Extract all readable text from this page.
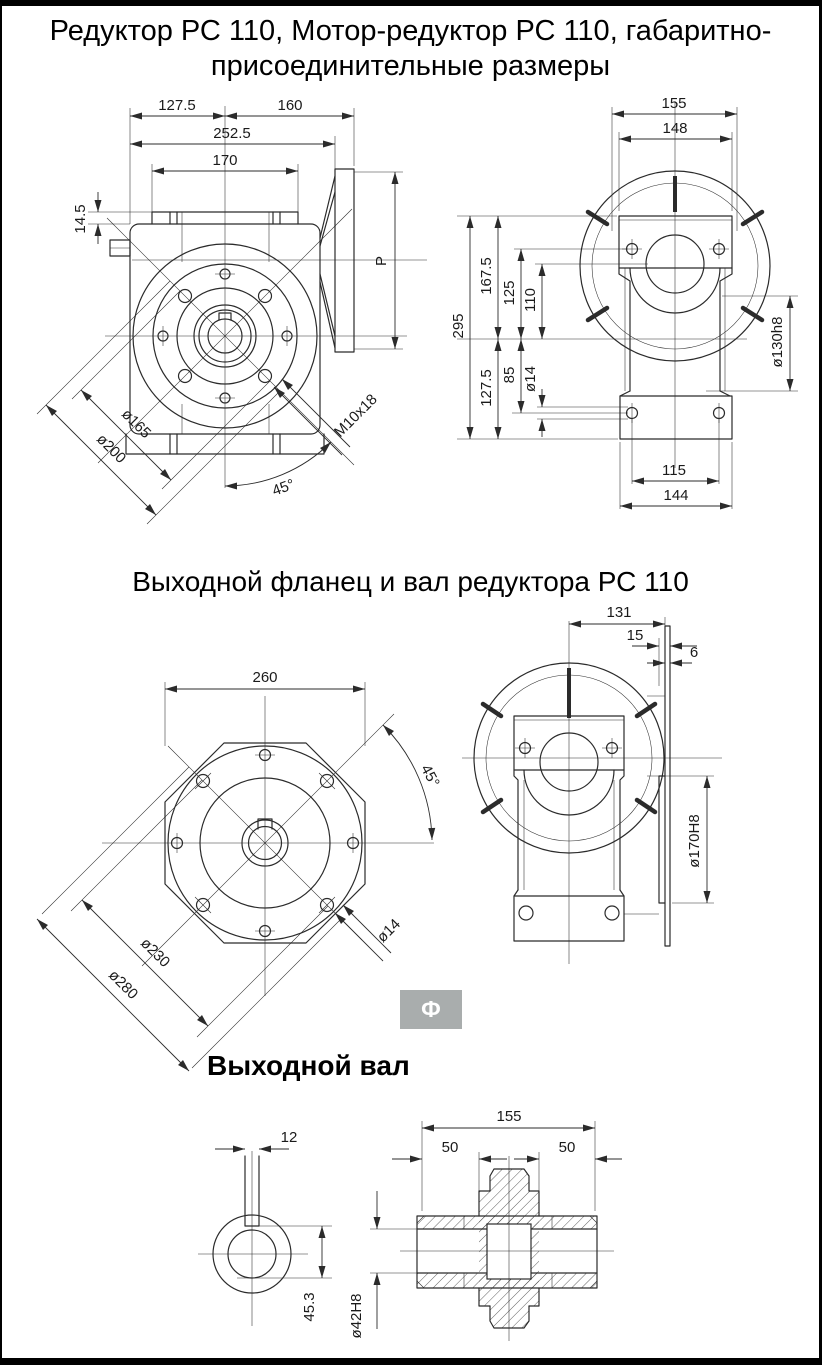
Редуктор РС 110, Мотор-редуктор РС 110, габаритно-
присоединительные размеры
Выходной фланец и вал редуктора РС 110
Ф
Выходной вал
127.5	160
252.5
170
14.5
P
ø165
ø200
M10x18
45°
155
148
295
167.5 125 110
127.5 85 ø14
ø130h8
115
144
260
45°
ø230
ø280
ø14
131
15
6
ø170H8
12
45.3
155
50	50
ø42H8
